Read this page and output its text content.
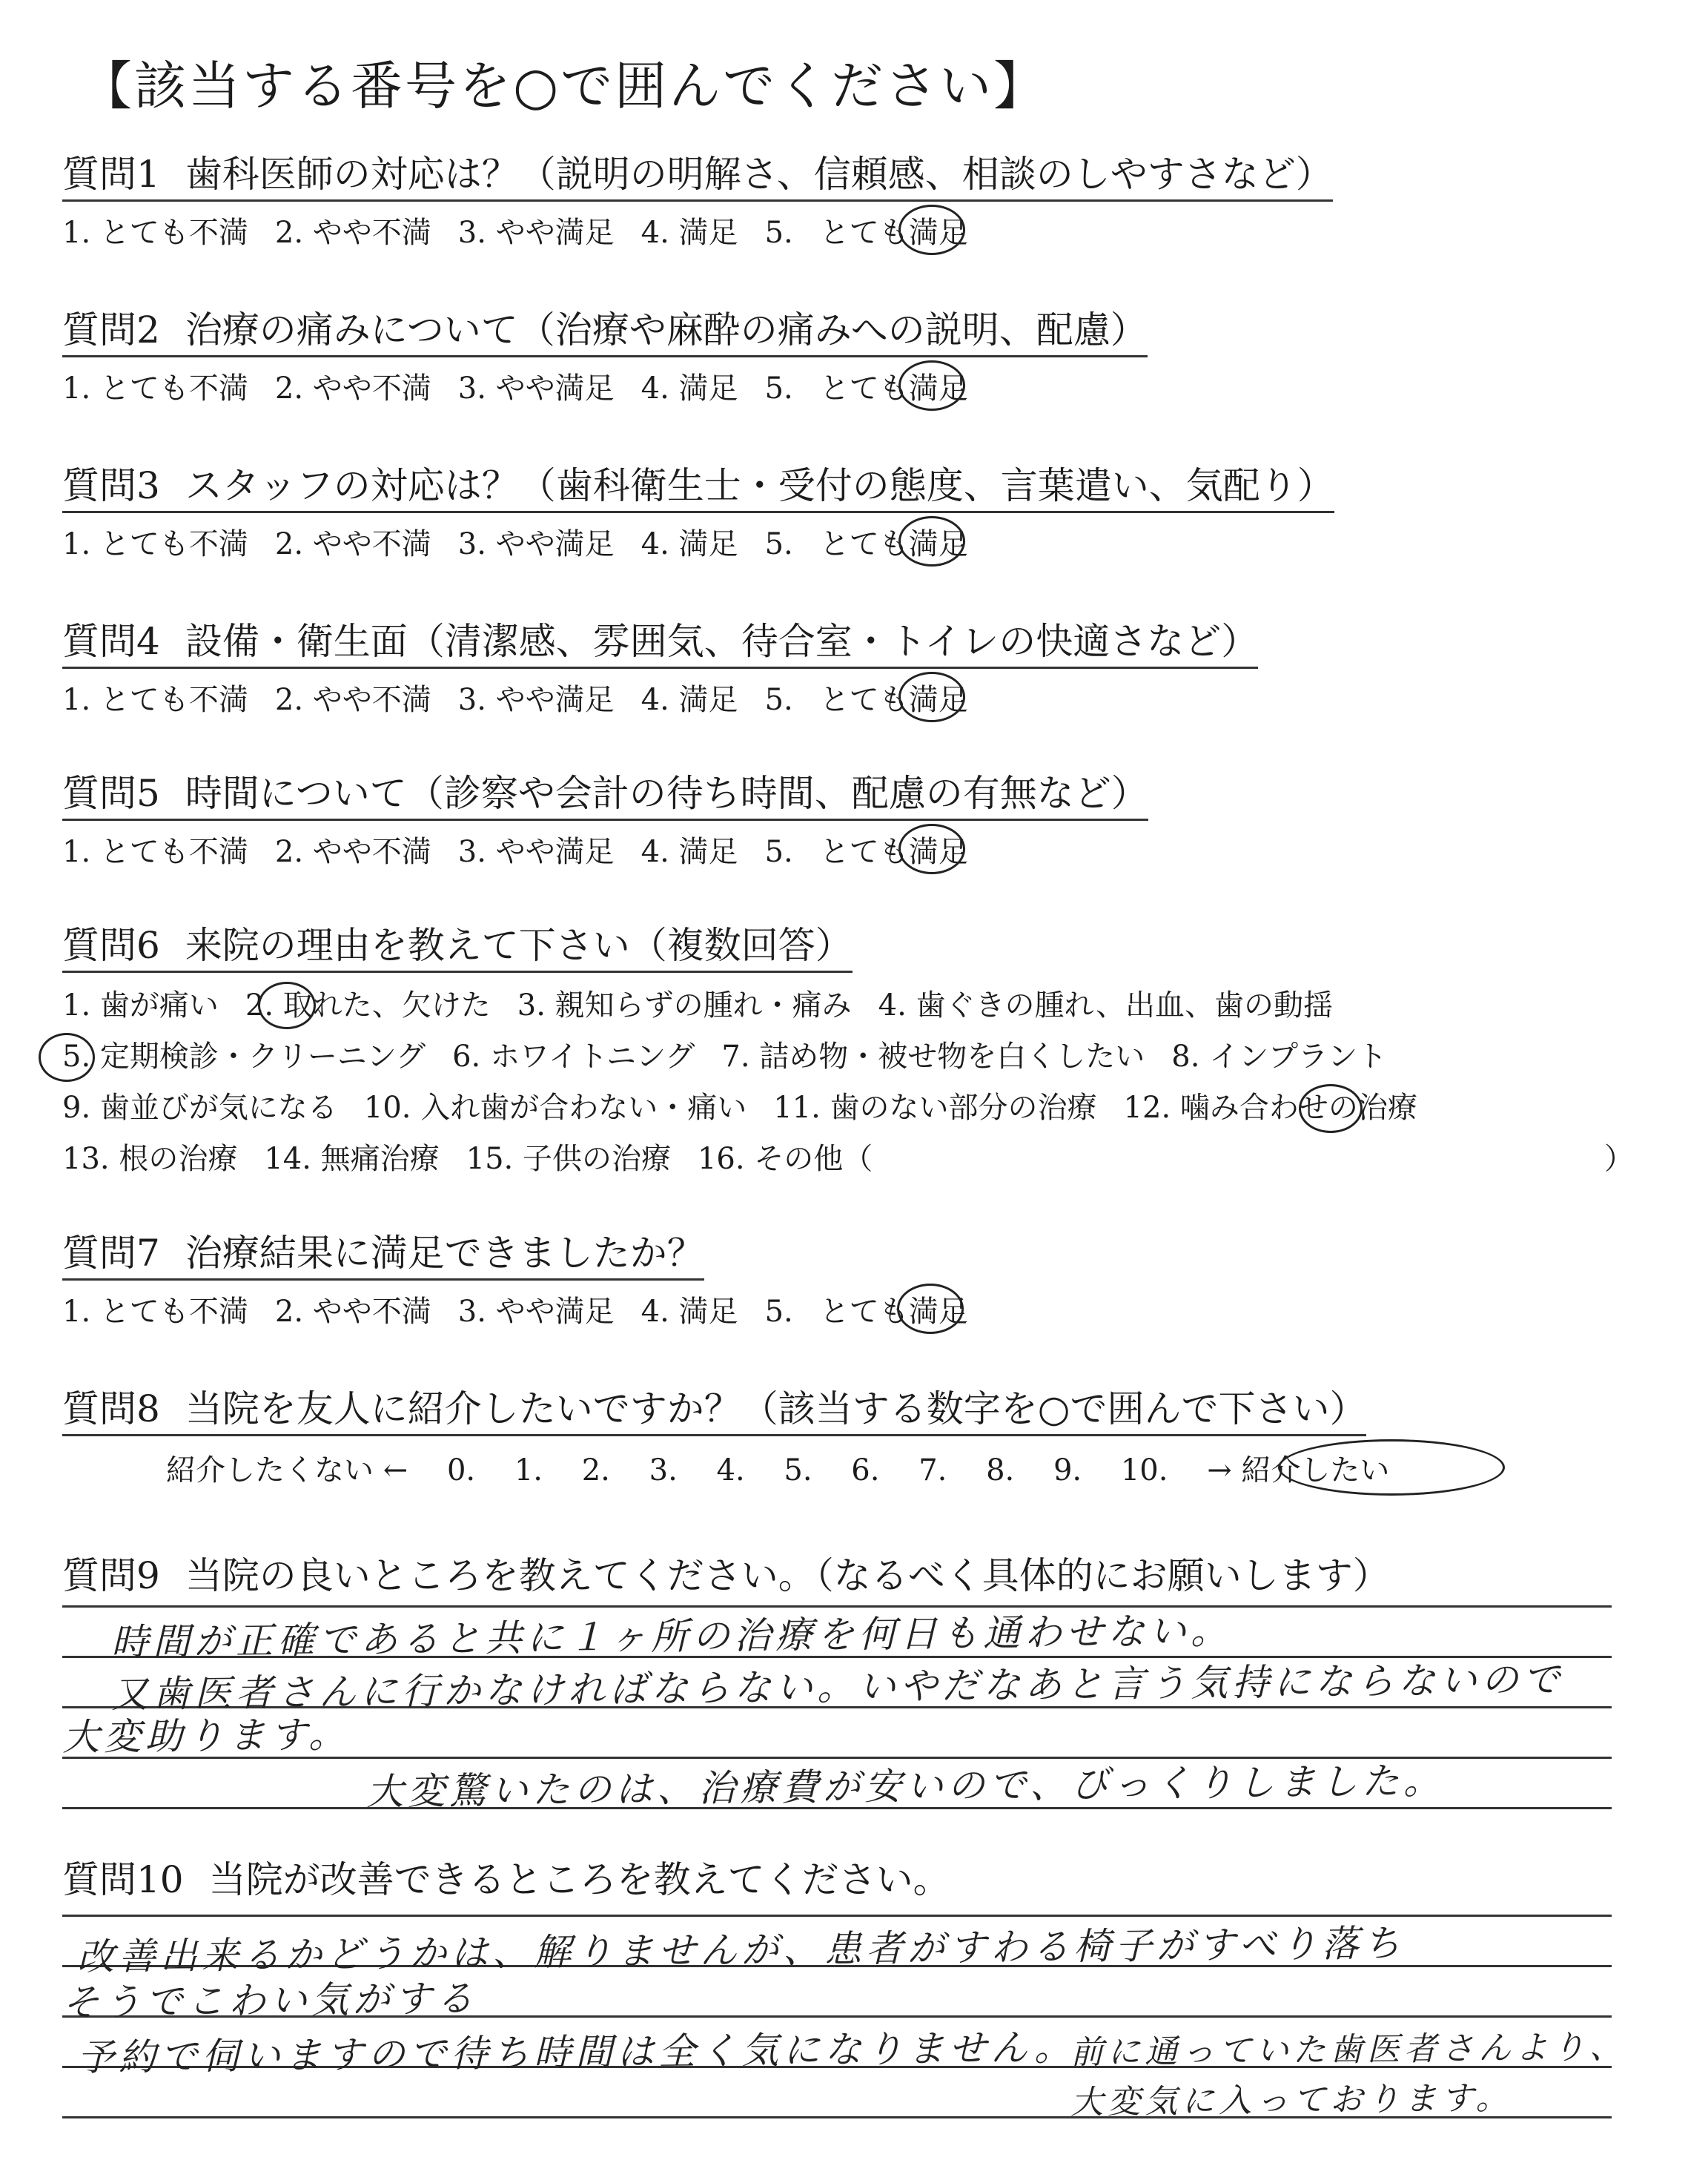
【該当する番号を○で囲んでください】
質問1 歯科医師の対応は？（説明の明解さ、信頼感、相談のしやすさなど）
1. とても不満 2. やや不満 3. やや満足 4. 満足 5. とても満足
質問2 治療の痛みについて（治療や麻酔の痛みへの説明、配慮）
1. とても不満 2. やや不満 3. やや満足 4. 満足 5. とても満足
質問3 スタッフの対応は？（歯科衛生士・受付の態度、言葉遣い、気配り）
1. とても不満 2. やや不満 3. やや満足 4. 満足 5. とても満足
質問4 設備・衛生面（清潔感、雰囲気、待合室・トイレの快適さなど）
1. とても不満 2. やや不満 3. やや満足 4. 満足 5. とても満足
質問5 時間について（診察や会計の待ち時間、配慮の有無など）
1. とても不満 2. やや不満 3. やや満足 4. 満足 5. とても満足
質問6 来院の理由を教えて下さい（複数回答）
1. 歯が痛い 2. 取れた、欠けた 3. 親知らずの腫れ・痛み 4. 歯ぐきの腫れ、出血、歯の動揺
5. 定期検診・クリーニング 6. ホワイトニング 7. 詰め物・被せ物を白くしたい 8. インプラント
9. 歯並びが気になる 10. 入れ歯が合わない・痛い 11. 歯のない部分の治療 12. 噛み合わせの治療
13. 根の治療 14. 無痛治療 15. 子供の治療 16. その他（	）
質問7 治療結果に満足できましたか？
1. とても不満 2. やや不満 3. やや満足 4. 満足 5. とても満足
質問8 当院を友人に紹介したいですか？（該当する数字を○で囲んで下さい）
紹介したくない ← 0. 1. 2. 3. 4. 5. 6. 7. 8. 9. 10. → 紹介したい
質問9 当院の良いところを教えてください。（なるべく具体的にお願いします）
時間が正確であると共に１ヶ所の治療を何日も通わせない。
又歯医者さんに行かなければならない。いやだなあと言う気持にならないので
大変助ります。
大変驚いたのは、治療費が安いので、びっくりしました。
質問10 当院が改善できるところを教えてください。
改善出来るかどうかは、解りませんが、患者がすわる椅子がすべり落ち
そうでこわい気がする
予約で伺いますので待ち時間は全く気になりません。
前に通っていた歯医者さんより、
大変気に入っております。
